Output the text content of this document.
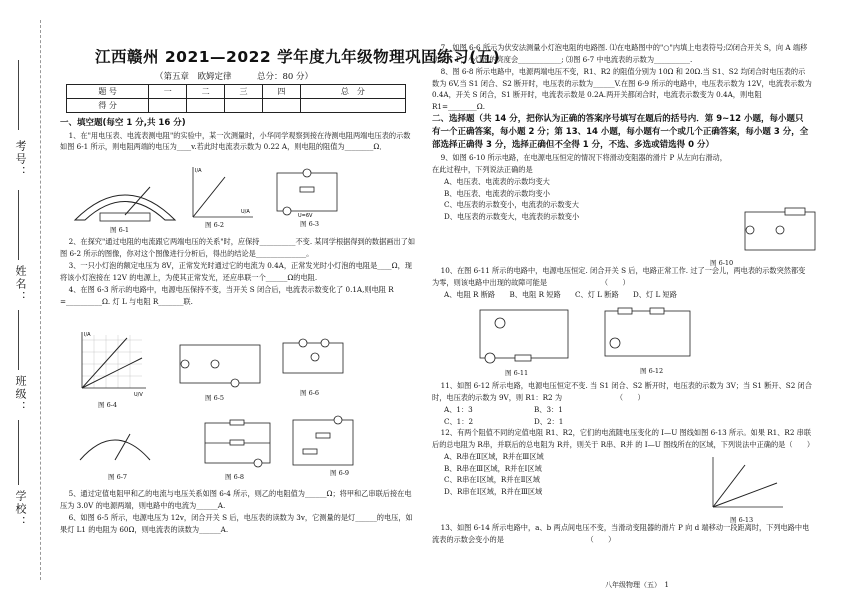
考号：
姓名：
班级：
学校：
江西赣州 2021—2022 学年度九年级物理巩固练习(五)
（第五章　欧姆定律　　　总分：80 分）
题 号	一	二	三	四	总　分
得 分					
一、填空题(每空 1 分,共 16 分)

1、在"用电压表、电流表测电阻"的实验中，某一次测量时，小华同学观察到接在待测电阻两端电压表的示数如图 6-1 所示，则电阻两端的电压为____v.若此时电流表示数为 0.22 A，则电阻的阻值为________Ω．

图 6-1
U/A
I/A
图 6-2
U=6V
图 6-3

2、在探究"通过电阻的电流跟它两端电压的关系"时，应保持__________不变. 某同学根据得到的数据画出了如图 6-2 所示的图像，你对这个图像进行分析后，得出的结论是______________。

3、一只小灯泡的额定电压为 8V，正常发光时通过它的电流为 0.4A，正常发光时小灯泡的电阻是____Ω，现将该小灯泡接在 12V 的电源上，为使其正常发光，还应串联一个______Ω的电阻.

4、在图 6-3 所示的电路中，电源电压保持不变，当开关 S 闭合后，电流表示数变化了 0.1A,则电阻 R =__________Ω. 灯 L 与电阻 R_______联.

U/V
I/A
图 6-4
图 6-5
图 6-6
图 6-7	图 6-8	图 6-9

5、通过定值电阻甲和乙的电流与电压关系如图 6-4 所示，则乙的电阻值为______Ω；将甲和乙串联后接在电压为 3.0V 的电源两端，则电路中的电流为______A.

6、如图 6-5 所示，电源电压为 12v，闭合开关 S 后，电压表的读数为 3v，它测量的是灯______的电压，如果灯 L1 的电阻为 60Ω，则电流表的读数为______A.

7、如图 6-6 所示为伏安法测量小灯泡电阻的电路图. ⑴在电路图中的"○"内填上电表符号;⑵闭合开关 S，向 A 端移动滑片 P，小灯泡的亮度会____________; ⑶图 6-7 中电流表的示数为__________.

8、图 6-8 所示电路中，电源两端电压不变，R1、R2 的阻值分别为 10Ω 和 20Ω.当 S1、S2 均闭合时电压表的示数为 6V,当 S1 闭合、S2 断开时，电压表的示数为______V.在图 6-9 所示的电路中，电压表示数为 12V，电流表示数为 0.4A，开关 S 闭合，S1 断开时，电流表示数是 0.2A.两开关都闭合时，电流表示数变为 0.4A，则电阻 R1=________Ω.

二、选择题（共 14 分，把你认为正确的答案序号填写在题后的括号内．第 9~12 小题，每小题只有一个正确答案，每小题 2 分；第 13、14 小题，每小题有一个或几个正确答案，每小题 3 分，全部选择正确得 3 分，选择正确但不全得 1 分，不选、多选或错选得 0 分）

9、如图 6-10 所示电路，在电源电压恒定的情况下将滑动变阻器的滑片 P 从左向右滑动，在此过程中，下列说法正确的是

A、电压表、电流表的示数均变大
B、电压表、电流表的示数均变小
C、电压表的示数变小，电流表的示数变大
D、电压表的示数变大，电流表的示数变小
图 6-10

10、在图 6-11 所示的电路中，电源电压恒定. 闭合开关 S 后，电路正常工作. 过了一会儿，两电表的示数突然都变为零，则该电路中出现的故障可能是　　　　　　　　（　　）

A、电阻 R 断路　　B、电阻 R 短路　　C、灯 L 断路　　D、灯 L 短路
图 6-11	图 6-12

11、如图 6-12 所示电路，电源电压恒定不变. 当 S1 闭合、S2 断开时，电压表的示数为 3V；当 S1 断开、S2 闭合时，电压表的示数为 9V，则 R1：R2 为　　　　　　　　（　　）

A、1：3	B、3：1
C、1：2	D、2：1

12、有两个阻值不同的定值电阻 R1、R2，它们的电流随电压变化的 I—U 图线如图 6-13 所示。如果 R1、R2 串联后的总电阻为 R串，并联后的总电阻为 R并，则关于 R串、R并 的 I—U 图线所在的区域，下列说法中正确的是（　　）

A、R串在Ⅱ区域，R并在Ⅲ区域
B、R串在Ⅲ区域，R并在Ⅰ区域
C、R串在Ⅰ区域，R并在Ⅱ区域
D、R串在Ⅰ区域，R并在Ⅲ区域
图 6-13

13、如图 6-14 所示电路中，a、b 两点间电压不变，当滑动变阻器的滑片 P 向 d 端移动一段距离时，下列电路中电流表的示数会变小的是　　　　　　　　　　　　（　　）

八年级物理（五）　1
